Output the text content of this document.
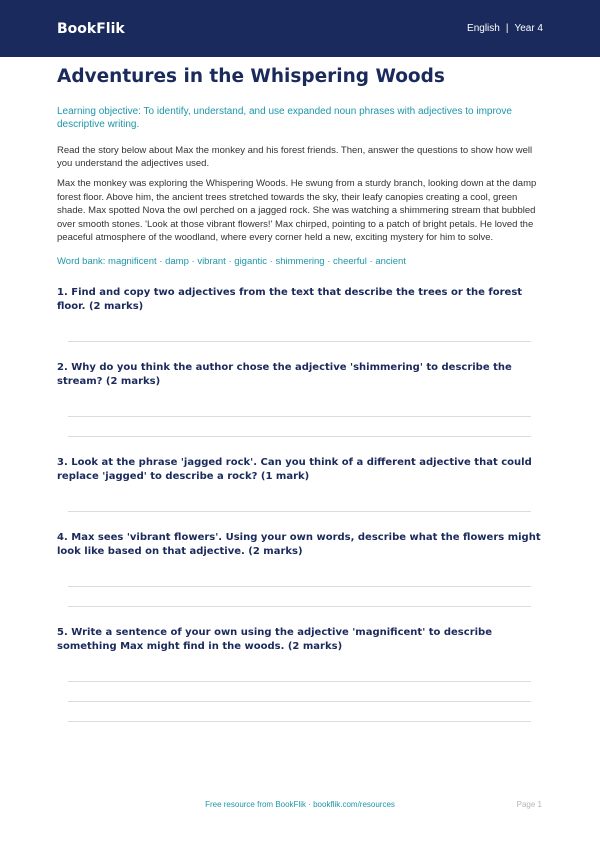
BookFlik	English | Year 4
Adventures in the Whispering Woods

Learning objective: To identify, understand, and use expanded noun phrases with adjectives to improve descriptive writing.

Read the story below about Max the monkey and his forest friends. Then, answer the questions to show how well you understand the adjectives used.

Max the monkey was exploring the Whispering Woods. He swung from a sturdy branch, looking down at the damp forest floor. Above him, the ancient trees stretched towards the sky, their leafy canopies creating a cool, green shade. Max spotted Nova the owl perched on a jagged rock. She was watching a shimmering stream that bubbled over smooth stones. 'Look at those vibrant flowers!' Max chirped, pointing to a patch of bright petals. He loved the peaceful atmosphere of the woodland, where every corner held a new, exciting mystery for him to solve.

Word bank: magnificent · damp · vibrant · gigantic · shimmering · cheerful · ancient

1. Find and copy two adjectives from the text that describe the trees or the forest floor. (2 marks)

2. Why do you think the author chose the adjective 'shimmering' to describe the stream? (2 marks)

3. Look at the phrase 'jagged rock'. Can you think of a different adjective that could replace 'jagged' to describe a rock? (1 mark)

4. Max sees 'vibrant flowers'. Using your own words, describe what the flowers might look like based on that adjective. (2 marks)

5. Write a sentence of your own using the adjective 'magnificent' to describe something Max might find in the woods. (2 marks)

Free resource from BookFlik · bookflik.com/resources	Page 1
